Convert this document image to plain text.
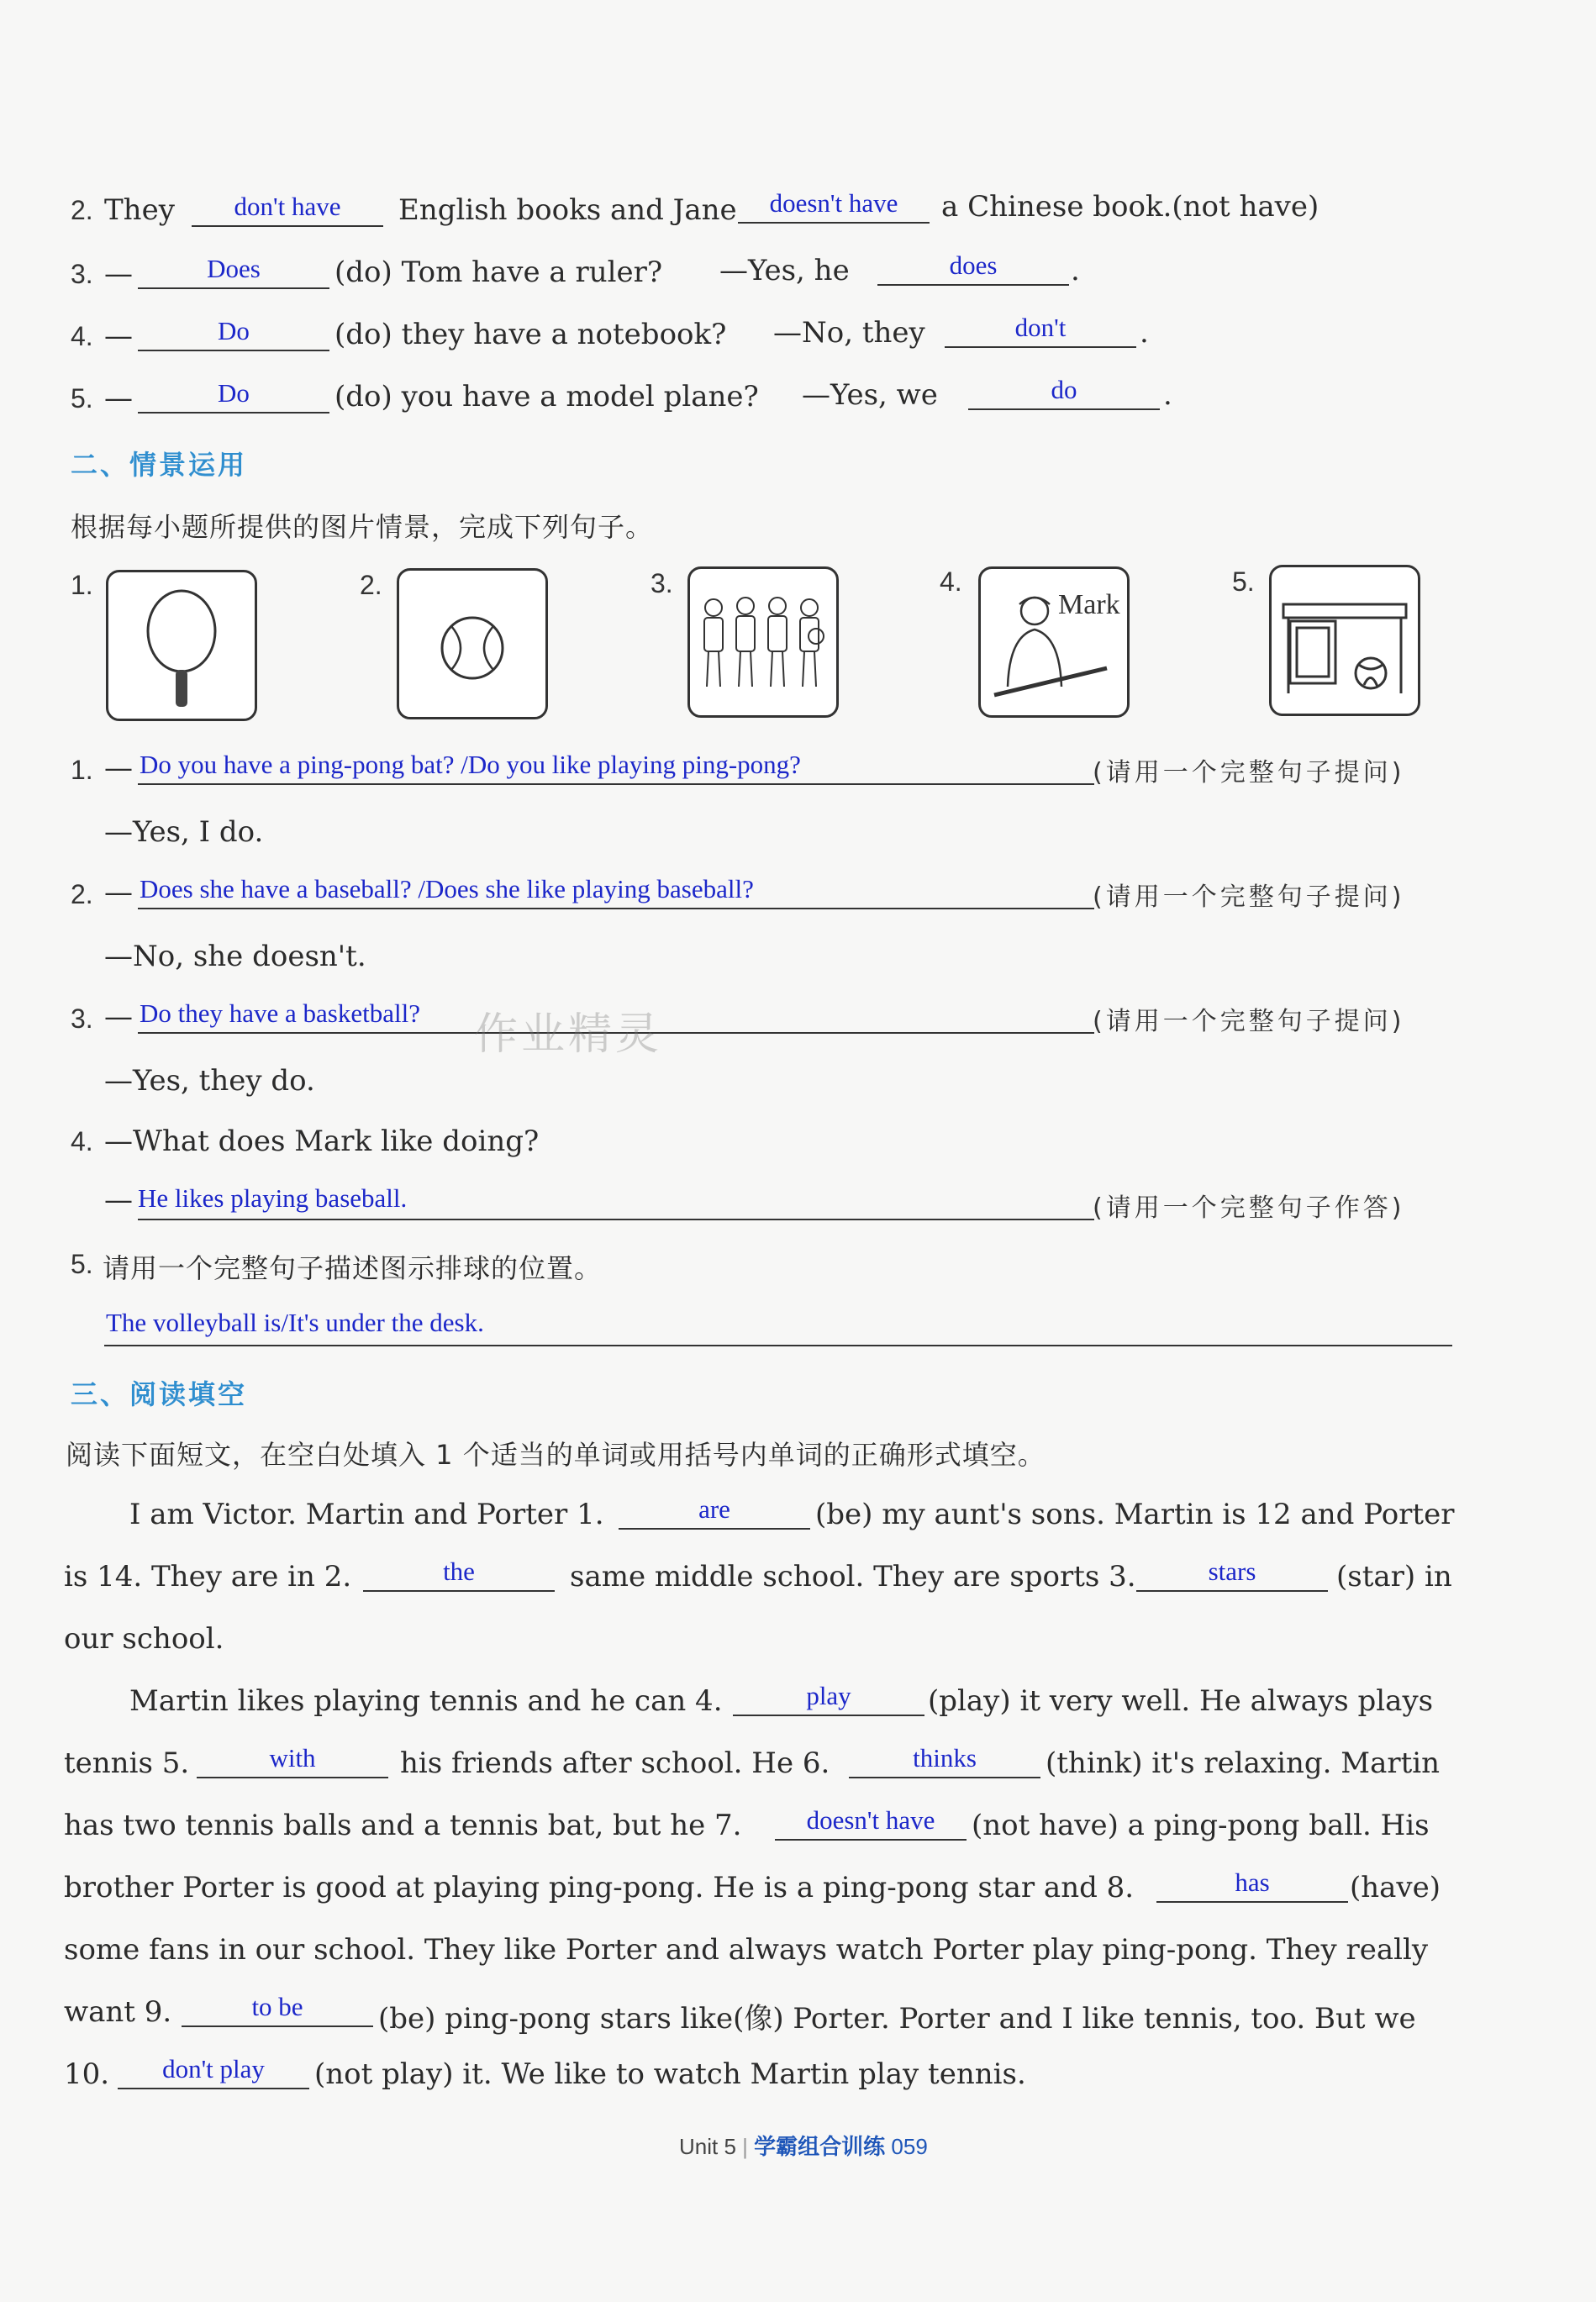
2. They	don't have	English books and Jane	doesn't have	a Chinese book.(not have)
3. —	Does	(do) Tom have a ruler? —Yes, he	does	.
4. —	Do	(do) they have a notebook? —No, they	don't	.
5. —	Do	(do) you have a model plane? —Yes, we	do	.
二、情景运用
根据每小题所提供的图片情景，完成下列句子。
1.	2.	3.	4.
Mark
5.
1. — Do you have a ping-pong bat? /Do you like playing ping-pong?	(请用一个完整句子提问)
—Yes, I do.
2. — Does she have a baseball? /Does she like playing baseball?	(请用一个完整句子提问)
—No, she doesn't.
3. — Do they have a basketball?	(请用一个完整句子提问)
—Yes, they do.
作业精灵
4. —What does Mark like doing?
— He likes playing baseball.	(请用一个完整句子作答)
5. 请用一个完整句子描述图示排球的位置。
The volleyball is/It's under the desk.
三、阅读填空
阅读下面短文，在空白处填入 1 个适当的单词或用括号内单词的正确形式填空。
I am Victor. Martin and Porter 1.	are	(be) my aunt's sons. Martin is 12 and Porter
is 14. They are in 2.	the	same middle school. They are sports 3.	stars	(star) in
our school.
Martin likes playing tennis and he can 4.	play	(play) it very well. He always plays
tennis 5.	with	his friends after school. He 6.	thinks	(think) it's relaxing. Martin
has two tennis balls and a tennis bat, but he 7.	doesn't have	(not have) a ping-pong ball. His
brother Porter is good at playing ping-pong. He is a ping-pong star and 8.	has	(have)
some fans in our school. They like Porter and always watch Porter play ping-pong. They really
want 9.	to be	(be) ping-pong stars like(像) Porter. Porter and I like tennis, too. But we
10.	don't play	(not play) it. We like to watch Martin play tennis.
Unit 5 | 学霸组合训练 059
